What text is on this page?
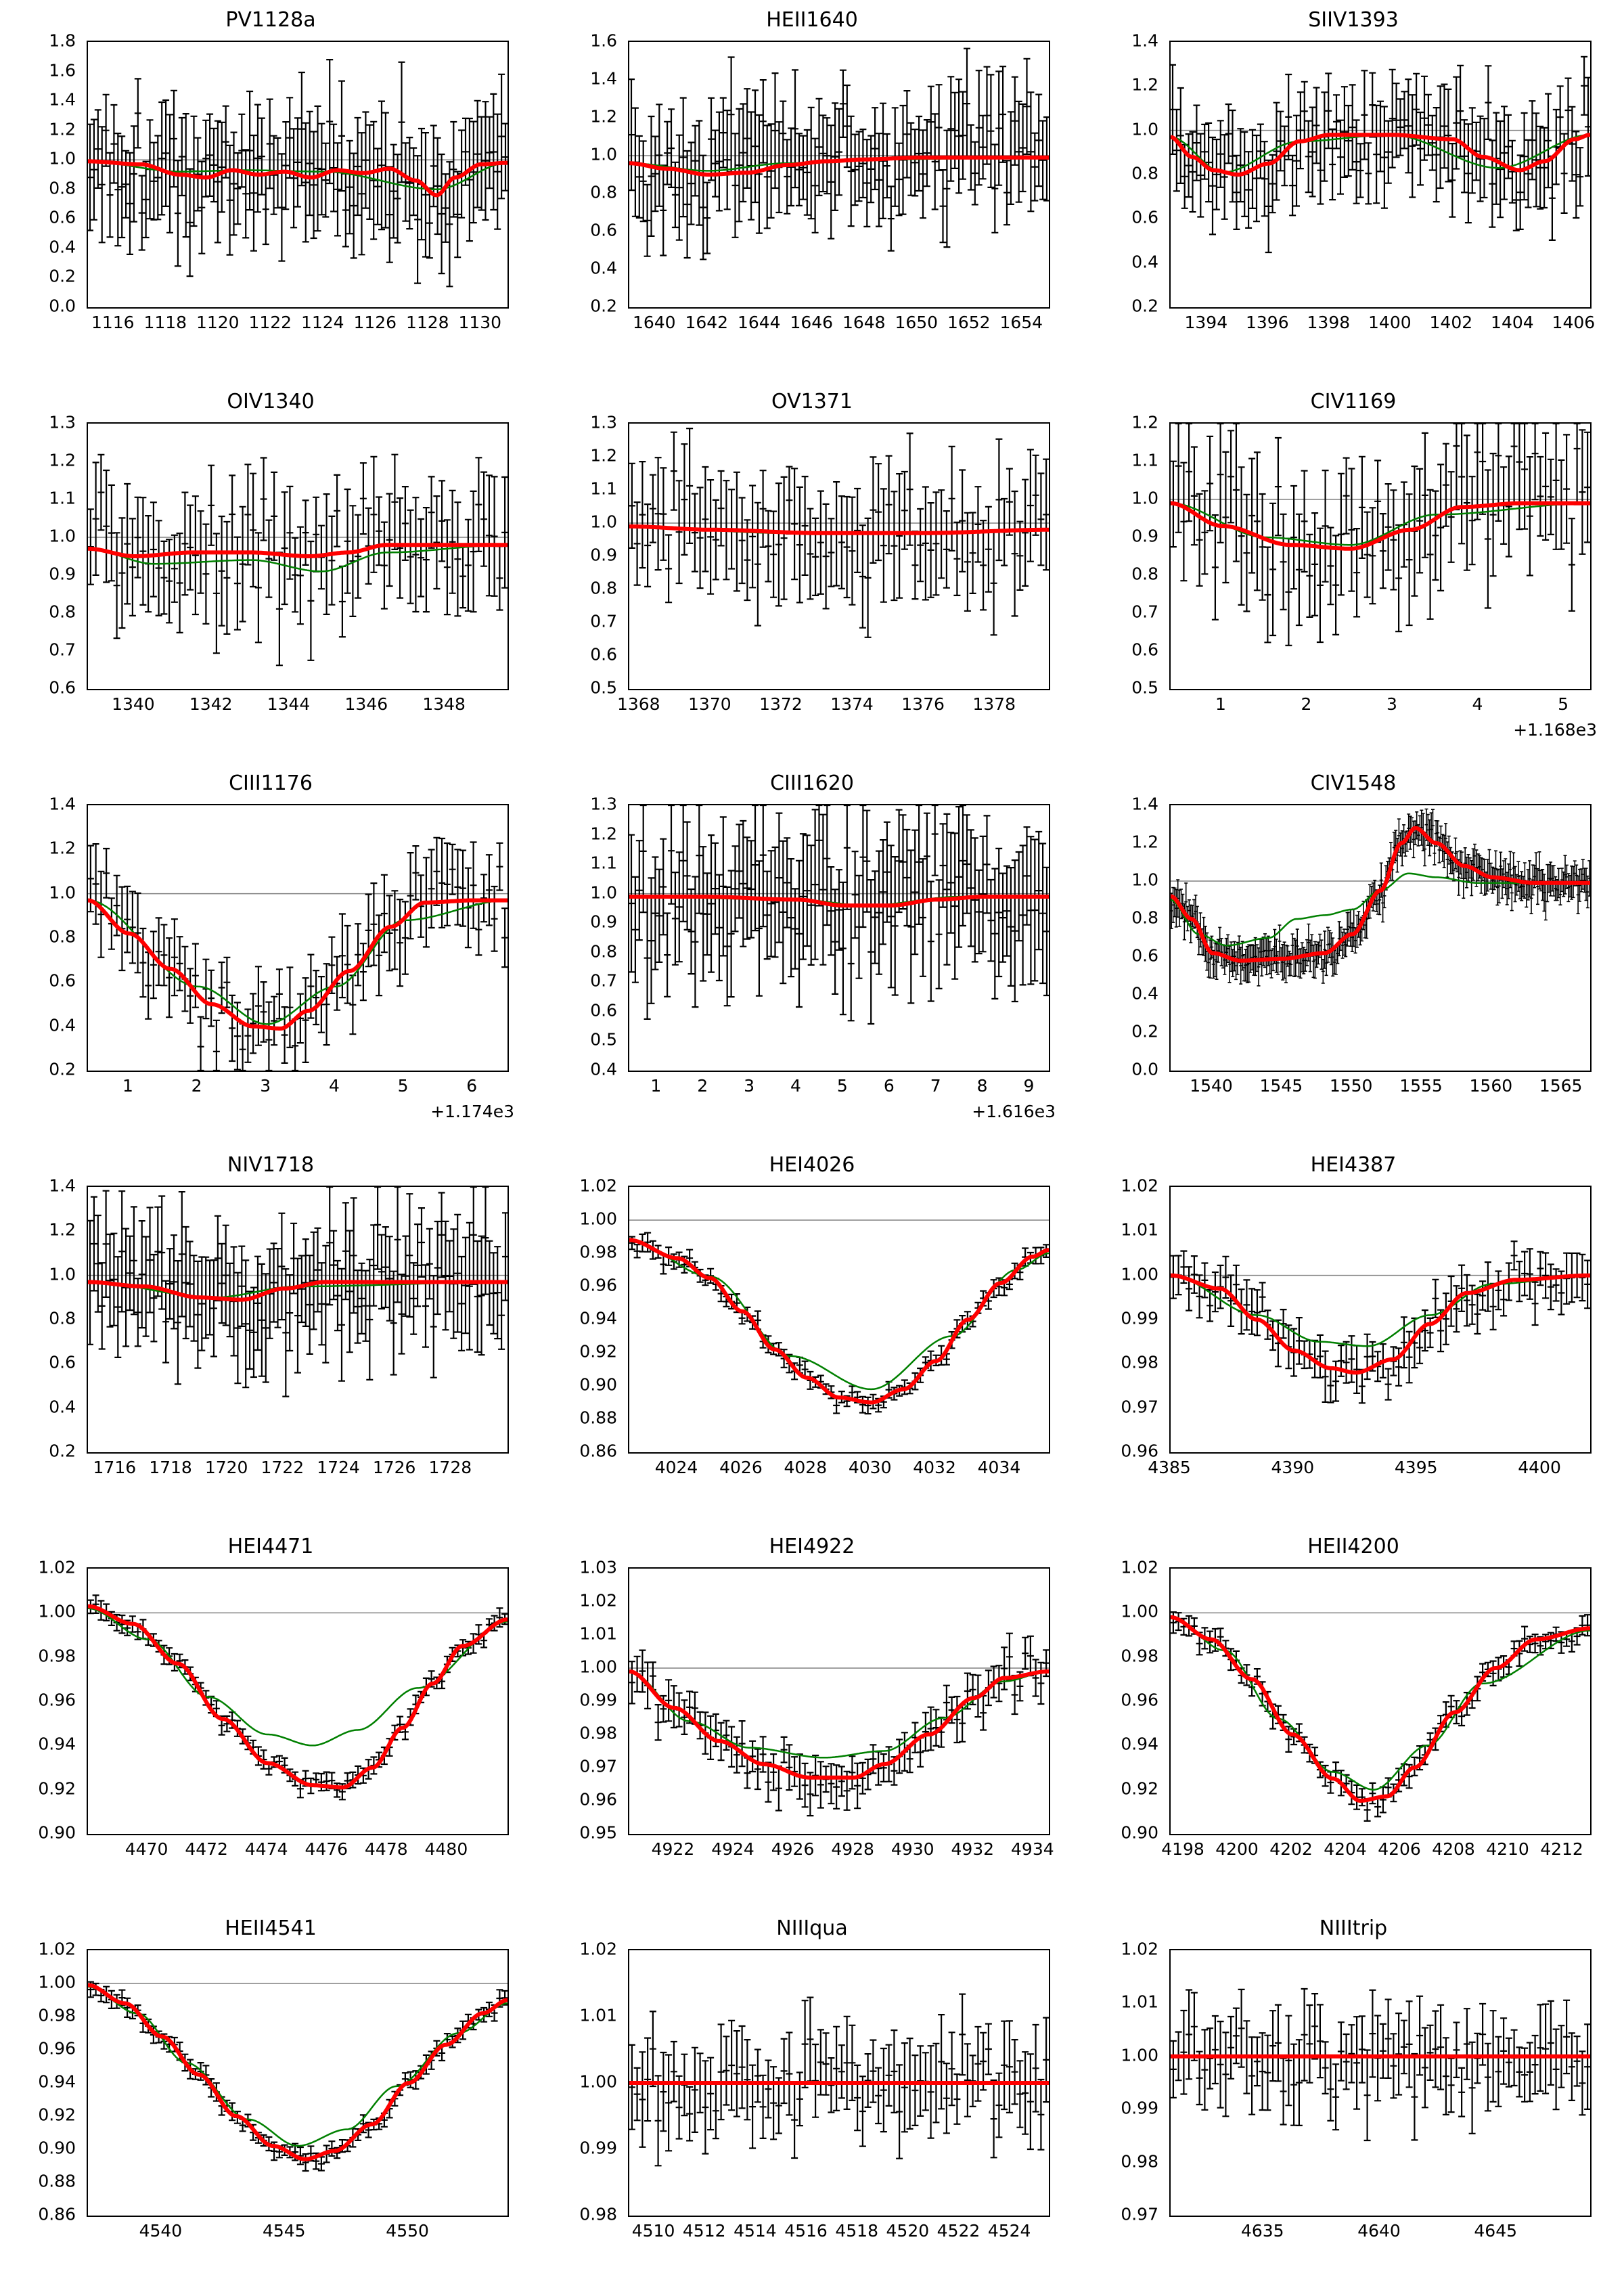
PV1128a
0.0
0.2
0.4
0.6
0.8
1.0
1.2
1.4
1.6
1.8
1116 1118 1120 1122 1124 1126 1128 1130
HEII1640
0.2
0.4
0.6
0.8
1.0
1.2
1.4
1.6
1640 1642 1644 1646 1648 1650 1652 1654
SIIV1393
0.2
0.4
0.6
0.8
1.0
1.2
1.4
1394 1396 1398 1400 1402 1404 1406
OIV1340
0.6
0.7
0.8
0.9
1.0
1.1
1.2
1.3
1340 1342 1344 1346 1348
OV1371
0.5
0.6
0.7
0.8
0.9
1.0
1.1
1.2
1.3
1368 1370 1372 1374 1376 1378
CIV1169
0.5
0.6
0.7
0.8
0.9
1.0
1.1
1.2
1	2	3	4	5
+1.168e3
CIII1176
0.2
0.4
0.6
0.8
1.0
1.2
1.4
1	2	3	4	5	6
+1.174e3
CIII1620
0.4
0.5
0.6
0.7
0.8
0.9
1.0
1.1
1.2
1.3
1 2 3 4 5 6 7 8 9
+1.616e3
CIV1548
0.0
0.2
0.4
0.6
0.8
1.0
1.2
1.4
1540 1545 1550 1555 1560 1565
NIV1718
0.2
0.4
0.6
0.8
1.0
1.2
1.4
1716 1718 1720 1722 1724 1726 1728
HEI4026
0.86
0.88
0.90
0.92
0.94
0.96
0.98
1.00
1.02
4024 4026 4028 4030 4032 4034
HEI4387
0.96
0.97
0.98
0.99
1.00
1.01
1.02
4385	4390	4395	4400
HEI4471
0.90
0.92
0.94
0.96
0.98
1.00
1.02
4470 4472 4474 4476 4478 4480
HEI4922
0.95
0.96
0.97
0.98
0.99
1.00
1.01
1.02
1.03
4922 4924 4926 4928 4930 4932 4934
HEII4200
0.90
0.92
0.94
0.96
0.98
1.00
1.02
4198 4200 4202 4204 4206 4208 4210 4212
HEII4541
0.86
0.88
0.90
0.92
0.94
0.96
0.98
1.00
1.02
4540	4545	4550
NIIIqua
0.98
0.99
1.00
1.01
1.02
4510 4512 4514 4516 4518 4520 4522 4524
NIIItrip
0.97
0.98
0.99
1.00
1.01
1.02
4635	4640	4645
